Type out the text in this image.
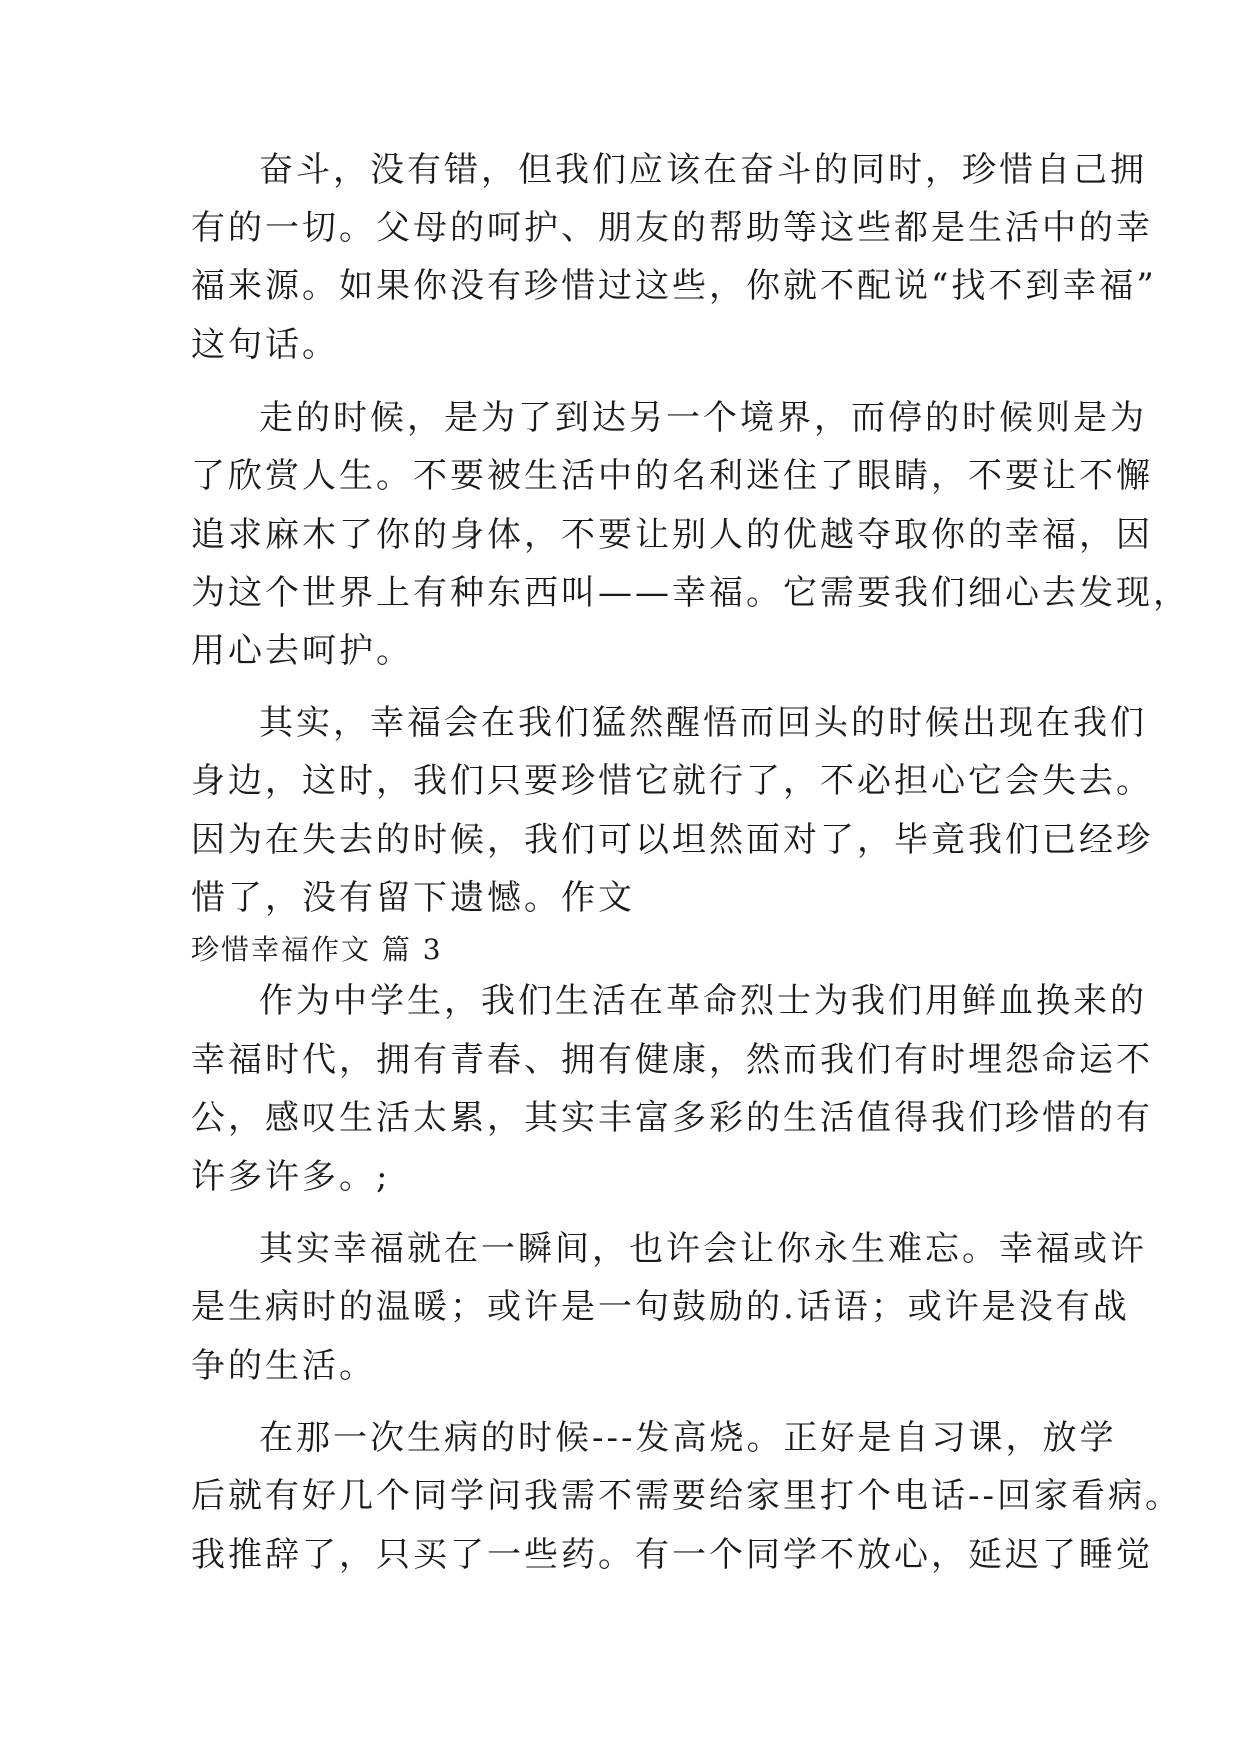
奋斗，没有错，但我们应该在奋斗的同时，珍惜自己拥
有的一切。父母的呵护、朋友的帮助等这些都是生活中的幸
福来源。如果你没有珍惜过这些，你就不配说“找不到幸福”
这句话。
走的时候，是为了到达另一个境界，而停的时候则是为
了欣赏人生。不要被生活中的名利迷住了眼睛，不要让不懈
追求麻木了你的身体，不要让别人的优越夺取你的幸福，因
为这个世界上有种东西叫——幸福。它需要我们细心去发现，
用心去呵护。
其实，幸福会在我们猛然醒悟而回头的时候出现在我们
身边，这时，我们只要珍惜它就行了，不必担心它会失去。
因为在失去的时候，我们可以坦然面对了，毕竟我们已经珍
惜了，没有留下遗憾。作文
珍惜幸福作文 篇 3
作为中学生，我们生活在革命烈士为我们用鲜血换来的
幸福时代，拥有青春、拥有健康，然而我们有时埋怨命运不
公，感叹生活太累，其实丰富多彩的生活值得我们珍惜的有
许多许多。;
其实幸福就在一瞬间，也许会让你永生难忘。幸福或许
是生病时的温暖；或许是一句鼓励的.话语；或许是没有战
争的生活。
在那一次生病的时候---发高烧。正好是自习课，放学
后就有好几个同学问我需不需要给家里打个电话--回家看病。
我推辞了，只买了一些药。有一个同学不放心，延迟了睡觉
